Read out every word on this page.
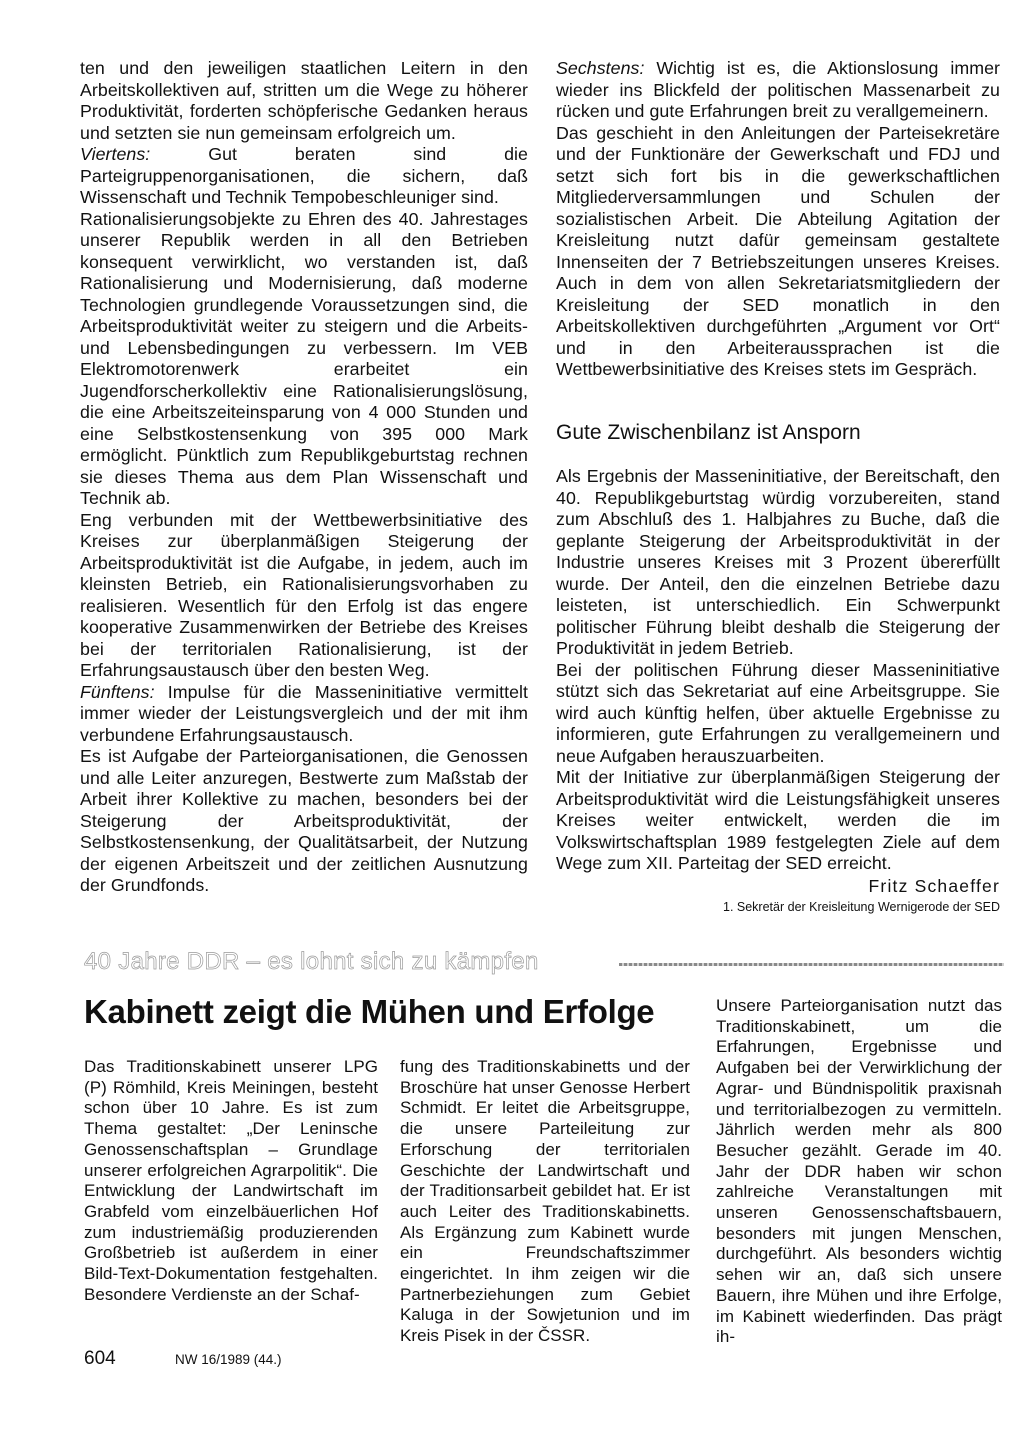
ten und den jeweiligen staatlichen Leitern in den Arbeitskollektiven auf, stritten um die Wege zu höherer Produktivität, forderten schöpferische Gedanken heraus und setzten sie nun gemeinsam erfolgreich um.

Viertens: Gut beraten sind die Parteigruppenorganisationen, die sichern, daß Wissenschaft und Technik Tempobeschleuniger sind.

Rationalisierungsobjekte zu Ehren des 40. Jahrestages unserer Republik werden in all den Betrieben konsequent verwirklicht, wo verstanden ist, daß Rationalisierung und Modernisierung, daß moderne Technologien grundlegende Voraussetzungen sind, die Arbeitsproduktivität weiter zu steigern und die Arbeits- und Lebensbedingungen zu verbessern. Im VEB Elektromotorenwerk erarbeitet ein Jugendforscherkollektiv eine Rationalisierungslösung, die eine Arbeitszeiteinsparung von 4 000 Stunden und eine Selbstkostensenkung von 395 000 Mark ermöglicht. Pünktlich zum Republikgeburtstag rechnen sie dieses Thema aus dem Plan Wissenschaft und Technik ab.

Eng verbunden mit der Wettbewerbsinitiative des Kreises zur überplanmäßigen Steigerung der Arbeitsproduktivität ist die Aufgabe, in jedem, auch im kleinsten Betrieb, ein Rationalisierungsvorhaben zu realisieren. Wesentlich für den Erfolg ist das engere kooperative Zusammenwirken der Betriebe des Kreises bei der territorialen Rationalisierung, ist der Erfahrungsaustausch über den besten Weg.

Fünftens: Impulse für die Masseninitiative vermittelt immer wieder der Leistungsvergleich und der mit ihm verbundene Erfahrungsaustausch.

Es ist Aufgabe der Parteiorganisationen, die Genossen und alle Leiter anzuregen, Bestwerte zum Maßstab der Arbeit ihrer Kollektive zu machen, besonders bei der Steigerung der Arbeitsproduktivität, der Selbstkostensenkung, der Qualitätsarbeit, der Nutzung der eigenen Arbeitszeit und der zeitlichen Ausnutzung der Grundfonds.

Sechstens: Wichtig ist es, die Aktionslosung immer wieder ins Blickfeld der politischen Massenarbeit zu rücken und gute Erfahrungen breit zu verallgemeinern.

Das geschieht in den Anleitungen der Parteisekretäre und der Funktionäre der Gewerkschaft und FDJ und setzt sich fort bis in die gewerkschaftlichen Mitgliederversammlungen und Schulen der sozialistischen Arbeit. Die Abteilung Agitation der Kreisleitung nutzt dafür gemeinsam gestaltete Innenseiten der 7 Betriebszeitungen unseres Kreises. Auch in dem von allen Sekretariatsmitgliedern der Kreisleitung der SED monatlich in den Arbeitskollektiven durchgeführten „Argument vor Ort“ und in den Arbeiteraussprachen ist die Wettbewerbsinitiative des Kreises stets im Gespräch.

Gute Zwischenbilanz ist Ansporn

Als Ergebnis der Masseninitiative, der Bereitschaft, den 40. Republikgeburtstag würdig vorzubereiten, stand zum Abschluß des 1. Halbjahres zu Buche, daß die geplante Steigerung der Arbeitsproduktivität in der Industrie unseres Kreises mit 3 Prozent übererfüllt wurde. Der Anteil, den die einzelnen Betriebe dazu leisteten, ist unterschiedlich. Ein Schwerpunkt politischer Führung bleibt deshalb die Steigerung der Produktivität in jedem Betrieb.

Bei der politischen Führung dieser Masseninitiative stützt sich das Sekretariat auf eine Arbeitsgruppe. Sie wird auch künftig helfen, über aktuelle Ergebnisse zu informieren, gute Erfahrungen zu verallgemeinern und neue Aufgaben herauszuarbeiten.

Mit der Initiative zur überplanmäßigen Steigerung der Arbeitsproduktivität wird die Leistungsfähigkeit unseres Kreises weiter entwickelt, werden die im Volkswirtschaftsplan 1989 festgelegten Ziele auf dem Wege zum XII. Parteitag der SED erreicht.

Fritz Schaeffer
1. Sekretär der Kreisleitung Wernigerode der SED
40 Jahre DDR – es lohnt sich zu kämpfen
Kabinett zeigt die Mühen und Erfolge

Das Traditionskabinett unserer LPG (P) Römhild, Kreis Meiningen, besteht schon über 10 Jahre. Es ist zum Thema gestaltet: „Der Leninsche Genossenschaftsplan – Grundlage unserer erfolgreichen Agrarpolitik“. Die Entwicklung der Landwirtschaft im Grabfeld vom einzelbäuerlichen Hof zum industriemäßig produzierenden Großbetrieb ist außerdem in einer Bild-Text-Dokumentation festgehalten. Besondere Verdienste an der Schaf-

fung des Traditionskabinetts und der Broschüre hat unser Genosse Herbert Schmidt. Er leitet die Arbeitsgruppe, die unsere Parteileitung zur Erforschung der territorialen Geschichte der Landwirtschaft und der Traditionsarbeit gebildet hat. Er ist auch Leiter des Traditionskabinetts. Als Ergänzung zum Kabinett wurde ein Freundschaftszimmer eingerichtet. In ihm zeigen wir die Partnerbeziehungen zum Gebiet Kaluga in der Sowjetunion und im Kreis Pisek in der ČSSR.

Unsere Parteiorganisation nutzt das Traditionskabinett, um die Erfahrungen, Ergebnisse und Aufgaben bei der Verwirklichung der Agrar- und Bündnispolitik praxisnah und territorialbezogen zu vermitteln. Jährlich werden mehr als 800 Besucher gezählt. Gerade im 40. Jahr der DDR haben wir schon zahlreiche Veranstaltungen mit unseren Genossenschaftsbauern, besonders mit jungen Menschen, durchgeführt. Als besonders wichtig sehen wir an, daß sich unsere Bauern, ihre Mühen und ihre Erfolge, im Kabinett wiederfinden. Das prägt ih-

604	NW 16/1989 (44.)
